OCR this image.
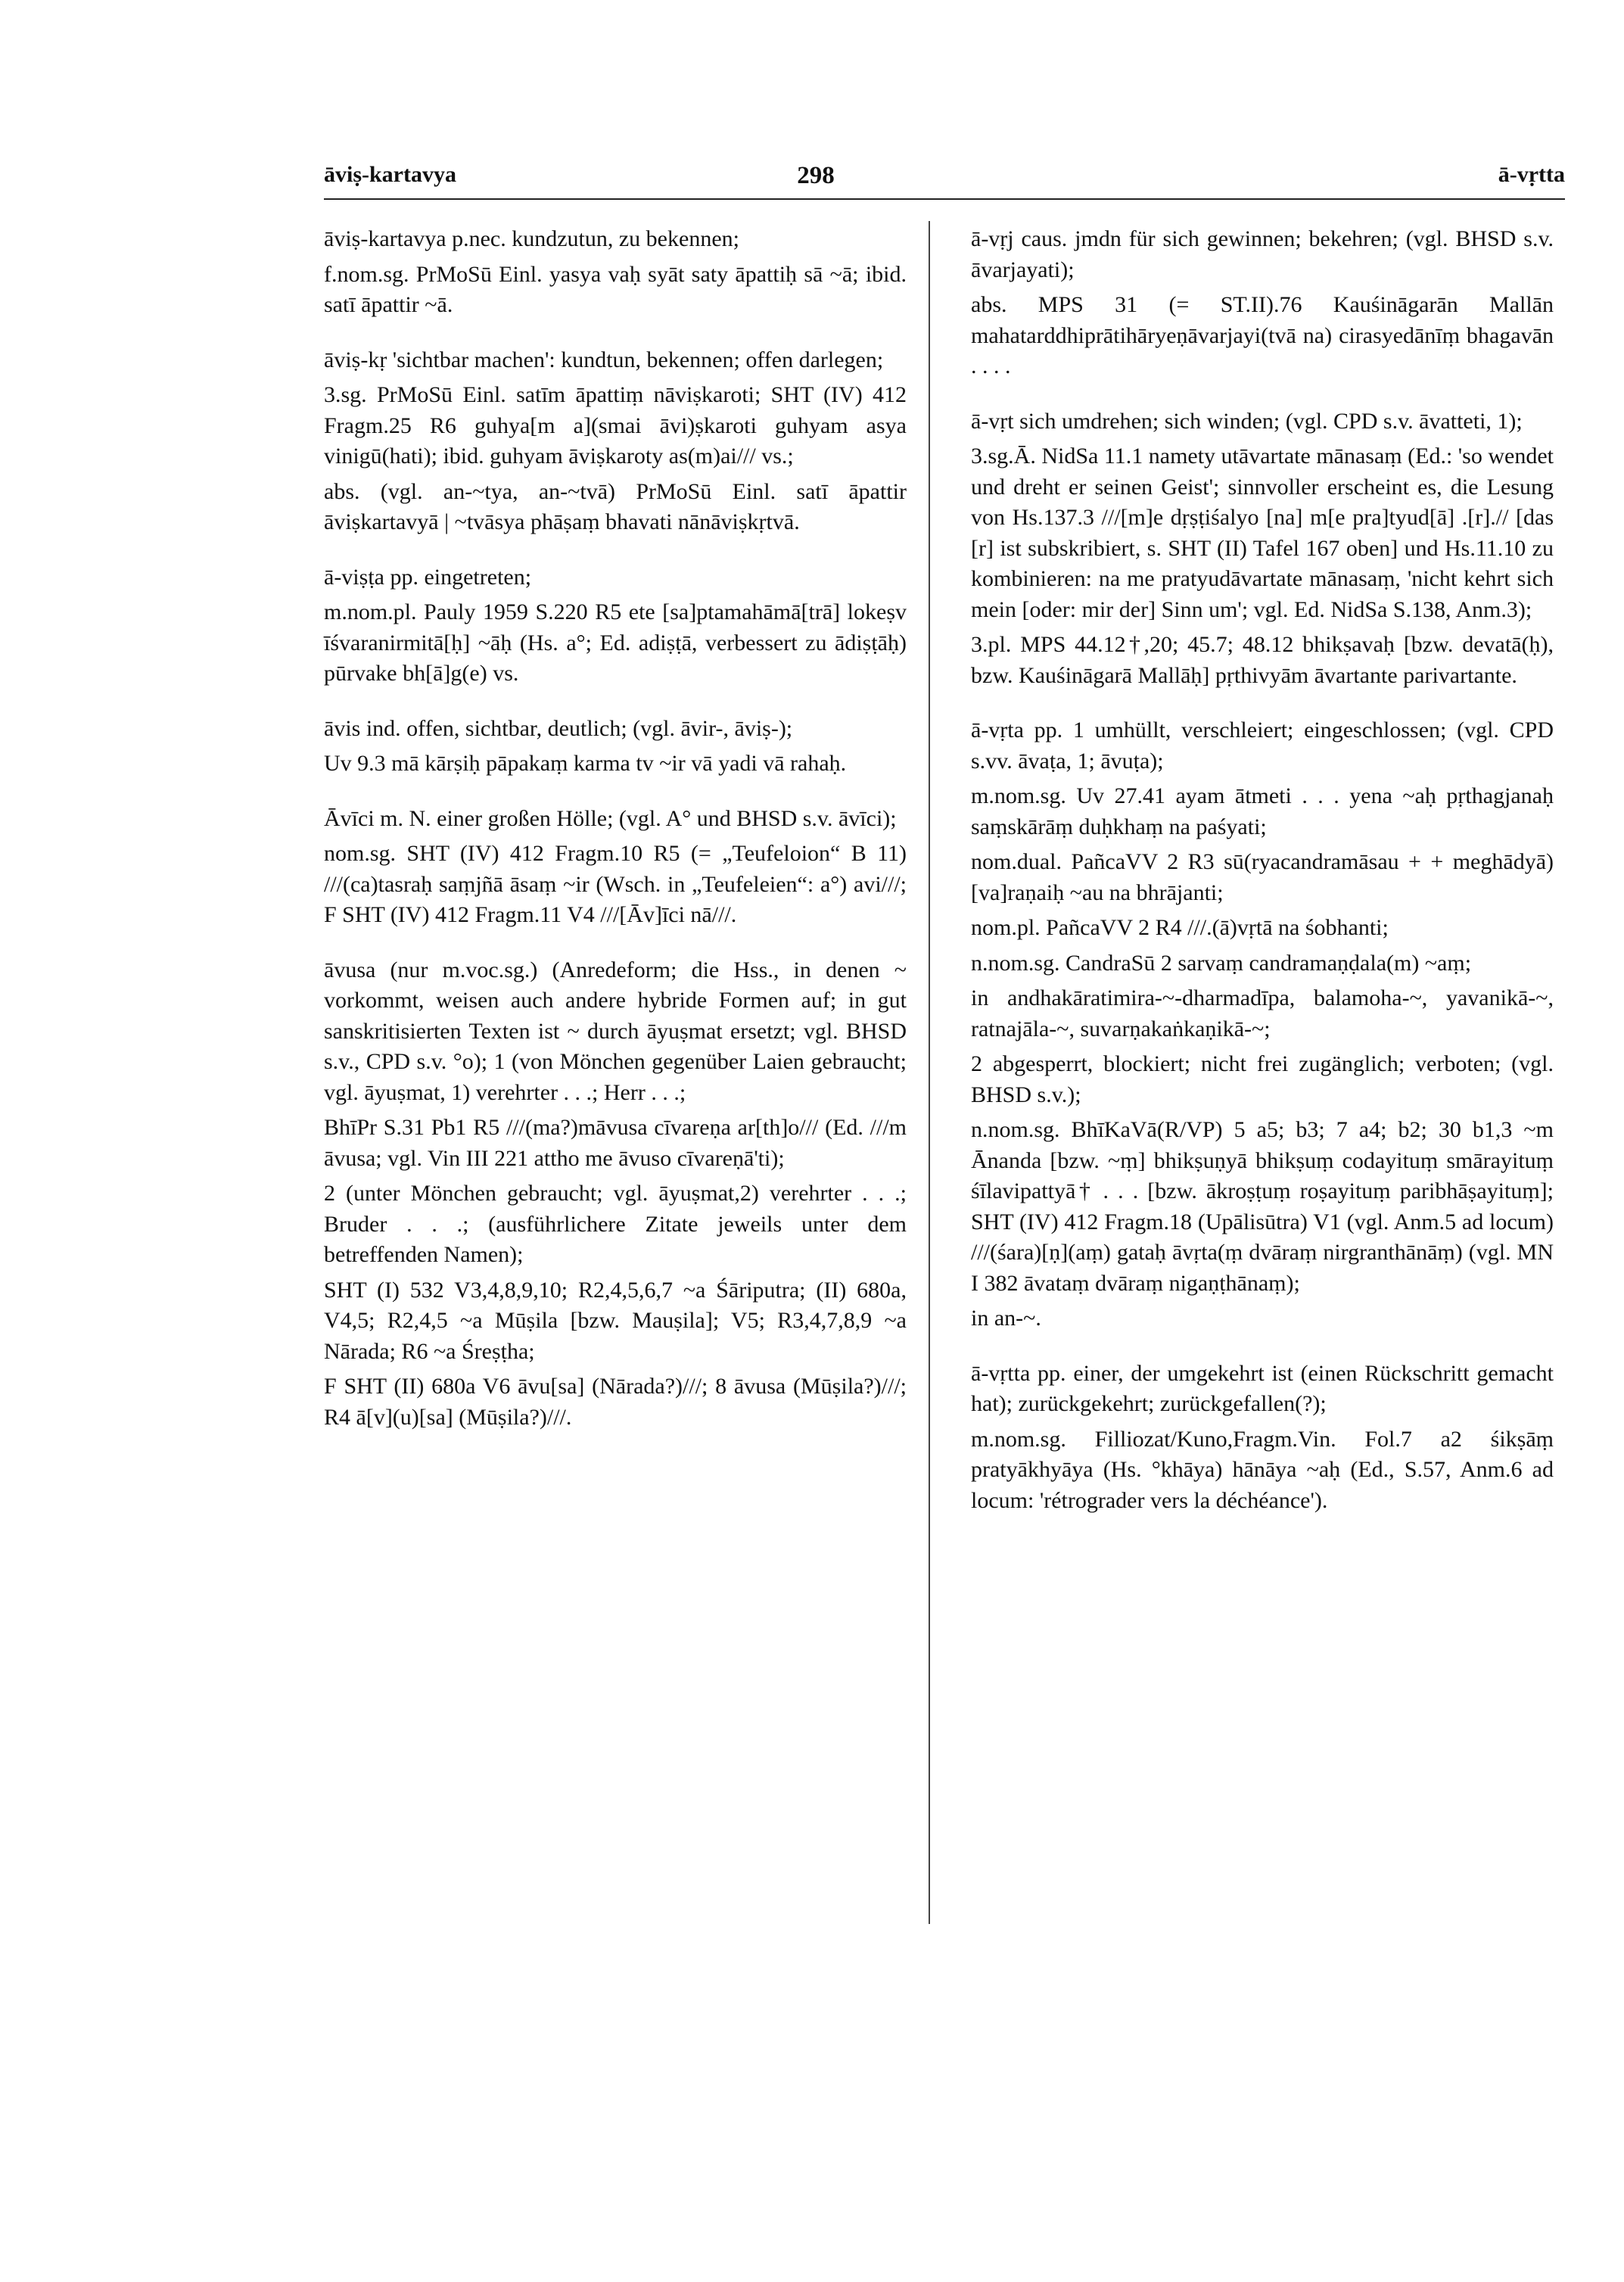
āviṣ-kartavya	298	ā-vṛtta
āviṣ-kartavya p.nec. kundzutun, zu bekennen;
f.nom.sg. PrMoSū Einl. yasya vaḥ syāt saty āpattiḥ sā ~ā; ibid. satī āpattir ~ā.
āviṣ-kṛ 'sichtbar machen': kundtun, bekennen; offen darlegen;
3.sg. PrMoSū Einl. satīm āpattiṃ nāviṣkaroti; SHT (IV) 412 Fragm.25 R6 guhya[m a](smai āvi)ṣkaroti guhyam asya vinigū(hati); ibid. guhyam āviṣkaroty as(m)ai/// vs.;
abs. (vgl. an-~tya, an-~tvā) PrMoSū Einl. satī āpattir āviṣkartavyā | ~tvāsya phāṣaṃ bhavati nānāviṣkṛtvā.
ā-viṣṭa pp. eingetreten;
m.nom.pl. Pauly 1959 S.220 R5 ete [sa]ptamahāmā[trā] lokeṣv īśvaranirmitā[ḥ] ~āḥ (Hs. a°; Ed. adiṣṭā, verbessert zu ādiṣṭāḥ) pūrvake bh[ā]g(e) vs.
āvis ind. offen, sichtbar, deutlich; (vgl. āvir-, āviṣ-);
Uv 9.3 mā kārṣiḥ pāpakaṃ karma tv ~ir vā yadi vā rahaḥ.
Āvīci m. N. einer großen Hölle; (vgl. A° und BHSD s.v. āvīci);
nom.sg. SHT (IV) 412 Fragm.10 R5 (= „Teufeloion“ B 11) ///(ca)tasraḥ saṃjñā āsaṃ ~ir (Wsch. in „Teufeleien“: a°) avi///; F SHT (IV) 412 Fragm.11 V4 ///[Āv]īci nā///.
āvusa (nur m.voc.sg.) (Anredeform; die Hss., in denen ~ vorkommt, weisen auch andere hybride Formen auf; in gut sanskritisierten Texten ist ~ durch āyuṣmat ersetzt; vgl. BHSD s.v., CPD s.v. °o); 1 (von Mönchen gegenüber Laien gebraucht; vgl. āyuṣmat, 1) verehrter . . .; Herr . . .;
BhīPr S.31 Pb1 R5 ///(ma?)māvusa cīvareṇa ar[th]o/// (Ed. ///m āvusa; vgl. Vin III 221 attho me āvuso cīvareṇā'ti);
2 (unter Mönchen gebraucht; vgl. āyuṣmat,2) verehrter . . .; Bruder . . .; (ausführlichere Zitate jeweils unter dem betreffenden Namen);
SHT (I) 532 V3,4,8,9,10; R2,4,5,6,7 ~a Śāriputra; (II) 680a, V4,5; R2,4,5 ~a Mūṣila [bzw. Mauṣila]; V5; R3,4,7,8,9 ~a Nārada; R6 ~a Śreṣṭha;
F SHT (II) 680a V6 āvu[sa] (Nārada?)///; 8 āvusa (Mūṣila?)///; R4 ā[v](u)[sa] (Mūṣila?)///.
ā-vṛj caus. jmdn für sich gewinnen; bekehren; (vgl. BHSD s.v. āvarjayati);
abs. MPS 31 (= ST.II).76 Kauśināgarān Mallān mahatarddhiprātihāryeṇāvarjayi(tvā na) cirasyedānīṃ bhagavān . . . .
ā-vṛt sich umdrehen; sich winden; (vgl. CPD s.v. āvatteti, 1);
3.sg.Ā. NidSa 11.1 namety utāvartate mānasaṃ (Ed.: 'so wendet und dreht er seinen Geist'; sinnvoller erscheint es, die Lesung von Hs.137.3 ///[m]e dṛṣṭiśalyo [na] m[e pra]tyud[ā] .[r].// [das [r] ist subskribiert, s. SHT (II) Tafel 167 oben] und Hs.11.10 zu kombinieren: na me pratyudāvartate mānasaṃ, 'nicht kehrt sich mein [oder: mir der] Sinn um'; vgl. Ed. NidSa S.138, Anm.3);
3.pl. MPS 44.12†,20; 45.7; 48.12 bhikṣavaḥ [bzw. devatā(ḥ), bzw. Kauśināgarā Mallāḥ] pṛthivyām āvartante parivartante.
ā-vṛta pp. 1 umhüllt, verschleiert; eingeschlossen; (vgl. CPD s.vv. āvaṭa, 1; āvuṭa);
m.nom.sg. Uv 27.41 ayam ātmeti . . . yena ~aḥ pṛthagjanaḥ saṃskārāṃ duḥkhaṃ na paśyati;
nom.dual. PañcaVV 2 R3 sū(ryacandramāsau + + meghādyā)[va]raṇaiḥ ~au na bhrājanti;
nom.pl. PañcaVV 2 R4 ///.(ā)vṛtā na śobhanti;
n.nom.sg. CandraSū 2 sarvaṃ candramaṇḍala(m) ~aṃ;
in andhakāratimira-~-dharmadīpa, balamoha-~, yavanikā-~, ratnajāla-~, suvarṇakaṅkaṇikā-~;
2 abgesperrt, blockiert; nicht frei zugänglich; verboten; (vgl. BHSD s.v.);
n.nom.sg. BhīKaVā(R/VP) 5 a5; b3; 7 a4; b2; 30 b1,3 ~m Ānanda [bzw. ~ṃ] bhikṣuṇyā bhikṣuṃ codayituṃ smārayituṃ śīlavipattyā† . . . [bzw. ākroṣṭuṃ roṣayituṃ paribhāṣayituṃ]; SHT (IV) 412 Fragm.18 (Upālisūtra) V1 (vgl. Anm.5 ad locum) ///(śara)[ṇ](aṃ) gataḥ āvṛta(ṃ dvāraṃ nirgranthānāṃ) (vgl. MN I 382 āvataṃ dvāraṃ nigaṇṭhānaṃ);
in an-~.
ā-vṛtta pp. einer, der umgekehrt ist (einen Rückschritt gemacht hat); zurückgekehrt; zurückgefallen(?);
m.nom.sg. Filliozat/Kuno,Fragm.Vin. Fol.7 a2 śikṣāṃ pratyākhyāya (Hs. °khāya) hānāya ~aḥ (Ed., S.57, Anm.6 ad locum: 'rétrograder vers la déchéance').
